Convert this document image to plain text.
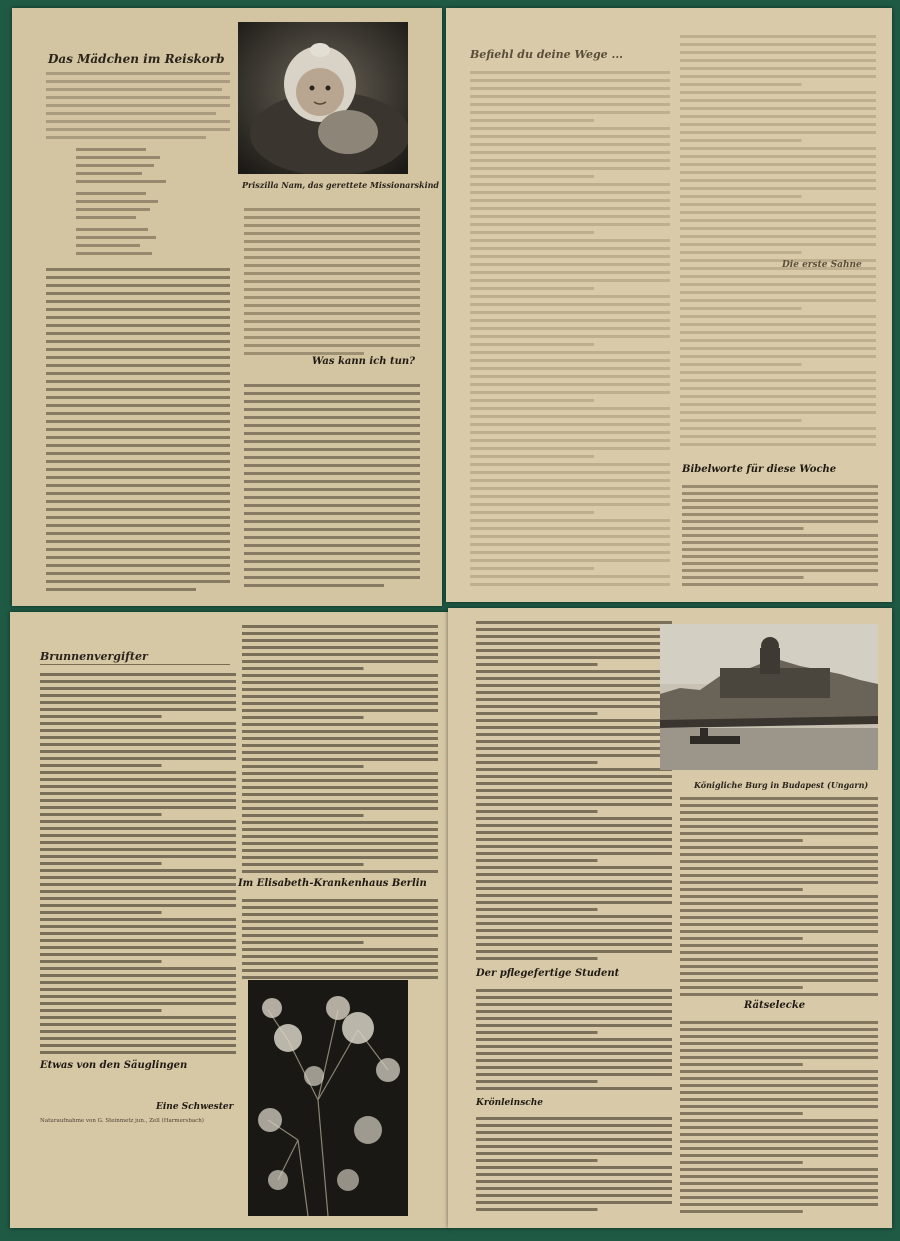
Das Mädchen im Reiskorb
Priszilla Nam, das gerettete Missionarskind
Was kann ich tun?
Befiehl du deine Wege ...
Die erste Sahne
Bibelworte für diese Woche
Brunnenvergifter
Etwas von den Säuglingen
Eine Schwester
Naturaufnahme von G. Steinmetz jun., Zell (Harmersbach)
Im Elisabeth-Krankenhaus Berlin
Der pflegefertige Student
Krönleinsche
Königliche Burg in Budapest (Ungarn)
Rätselecke
